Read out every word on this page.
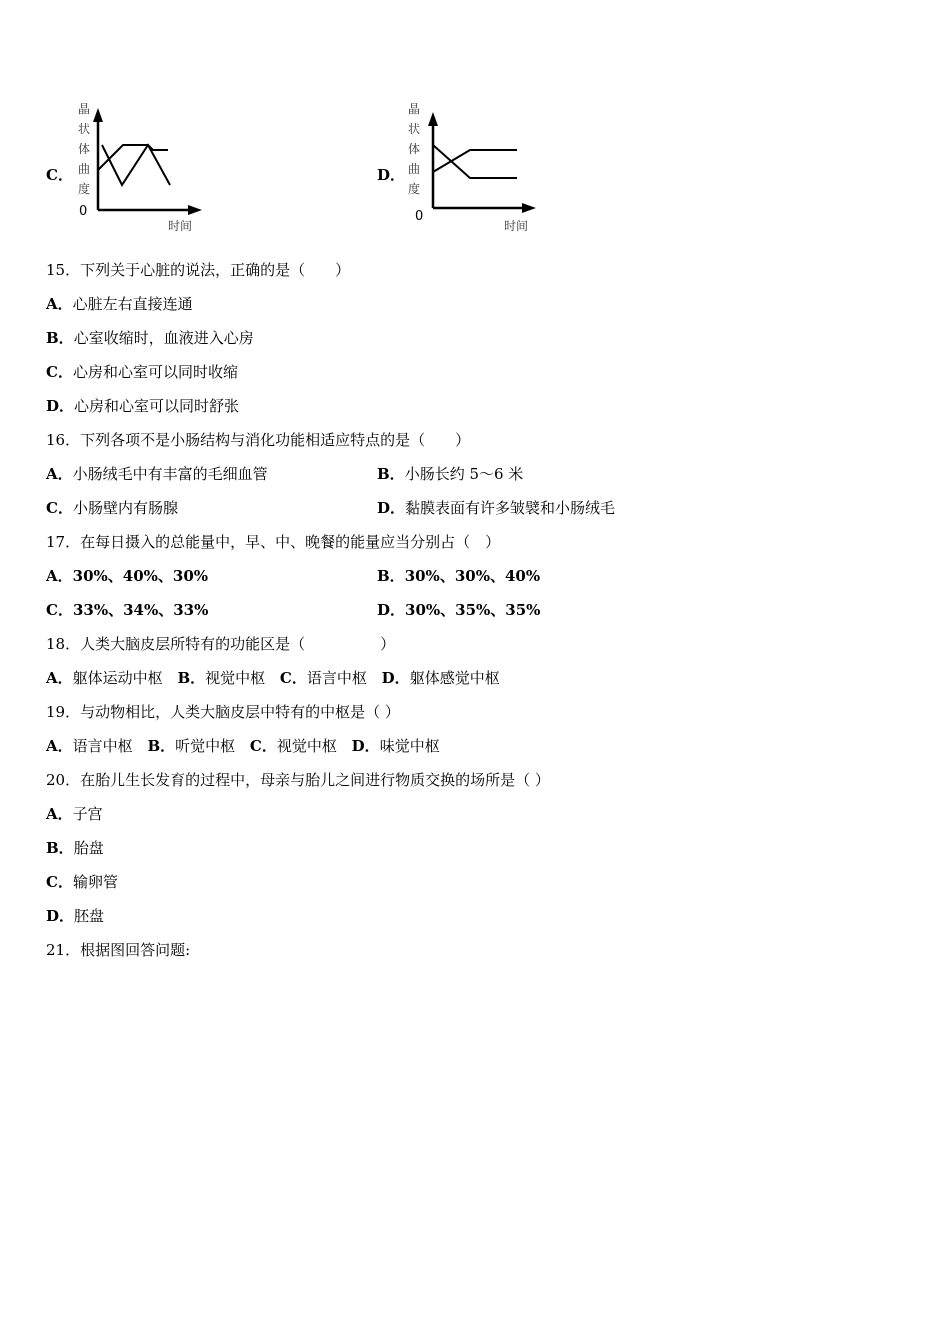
C．
晶
状
体
曲
度
0
时间
D．
晶
状
体
曲
度
0
时间
15．下列关于心脏的说法，正确的是（　　）
A．心脏左右直接连通
B．心室收缩时，血液进入心房
C．心房和心室可以同时收缩
D．心房和心室可以同时舒张
16．下列各项不是小肠结构与消化功能相适应特点的是（　　）
A．小肠绒毛中有丰富的毛细血管	B．小肠长约 5～6 米
C．小肠壁内有肠腺	D．黏膜表面有许多皱襞和小肠绒毛
17．在每日摄入的总能量中，早、中、晚餐的能量应当分别占（　）
A．30%、40%、30%	B．30%、30%、40%
C．33%、34%、33%	D．30%、35%、35%
18．人类大脑皮层所特有的功能区是（　　　　　）
A．躯体运动中枢 B．视觉中枢 C．语言中枢 D．躯体感觉中枢
19．与动物相比，人类大脑皮层中特有的中枢是（ ）
A．语言中枢 B．听觉中枢 C．视觉中枢 D．味觉中枢
20．在胎儿生长发育的过程中，母亲与胎儿之间进行物质交换的场所是（ ）
A．子宫
B．胎盘
C．输卵管
D．胚盘
21．根据图回答问题:
